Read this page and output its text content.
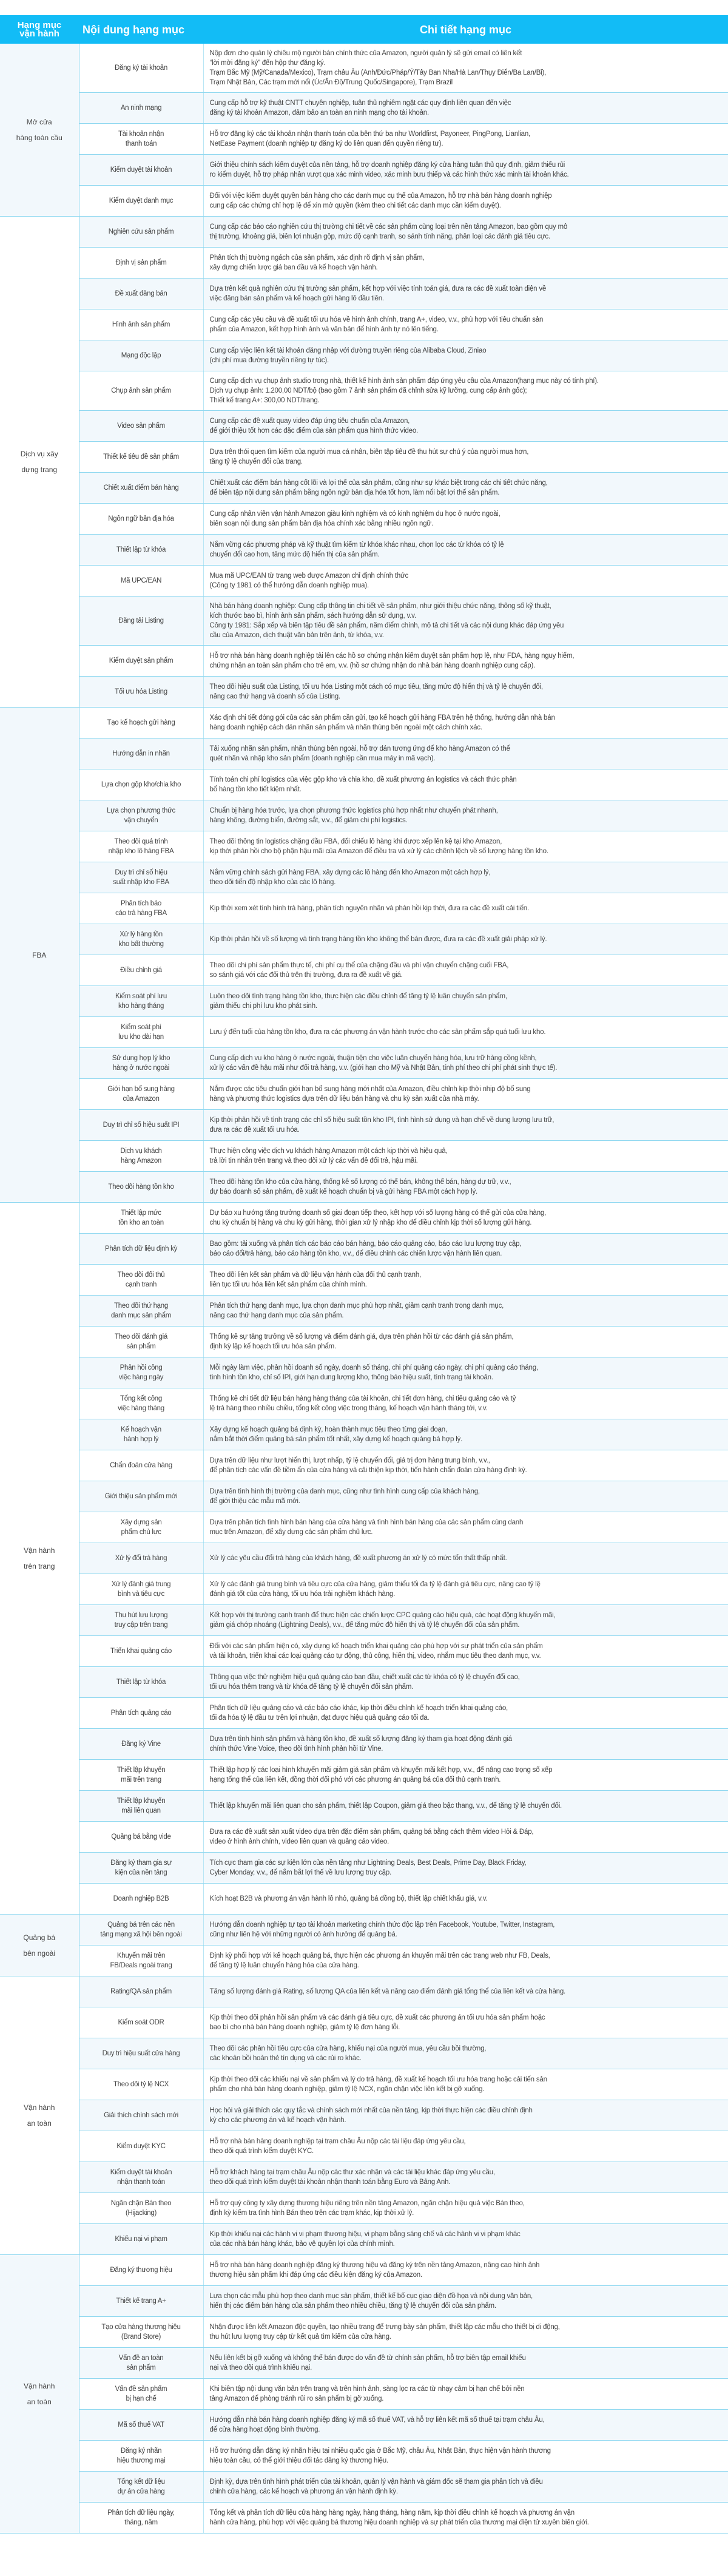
Hạng mục
vận hành	Nội dung hạng mục	Chi tiết hạng mục
Mở cửa
hàng toàn cầu	Đăng ký tài khoản	Nộp đơn cho quản lý chiêu mộ người bán chính thức của Amazon, người quản lý sẽ gửi email có liên kết
“lời mời đăng ký” đến hộp thư đăng ký.
Trạm Bắc Mỹ (Mỹ/Canada/Mexico), Trạm châu Âu (Anh/Đức/Pháp/Ý/Tây Ban Nha/Hà Lan/Thụy Điển/Ba Lan/Bỉ),
Trạm Nhật Bản, Các trạm mới nổi (Úc/Ấn Độ/Trung Quốc/Singapore), Trạm Brazil
	An ninh mạng	Cung cấp hỗ trợ kỹ thuật CNTT chuyên nghiệp, tuân thủ nghiêm ngặt các quy định liên quan đến việc
đăng ký tài khoản Amazon, đảm bảo an toàn an ninh mạng cho tài khoản.
	Tài khoản nhận
thanh toán	Hỗ trợ đăng ký các tài khoản nhận thanh toán của bên thứ ba như Worldfirst, Payoneer, PingPong, Lianlian,
NetEase Payment (doanh nghiệp tự đăng ký do liên quan đến quyền riêng tư).
	Kiểm duyệt tài khoản	Giới thiệu chính sách kiểm duyệt của nền tảng, hỗ trợ doanh nghiệp đăng ký cửa hàng tuân thủ quy định, giảm thiểu rủi
ro kiểm duyệt, hỗ trợ pháp nhân vượt qua xác minh video, xác minh bưu thiếp và các hình thức xác minh tài khoản khác.
	Kiểm duyệt danh mục	Đối với việc kiểm duyệt quyền bán hàng cho các danh mục cụ thể của Amazon, hỗ trợ nhà bán hàng doanh nghiệp
cung cấp các chứng chỉ hợp lệ để xin mở quyền (kèm theo chi tiết các danh mục cần kiểm duyệt).
Dịch vụ xây
dựng trang	Nghiên cứu sản phẩm	Cung cấp các báo cáo nghiên cứu thị trường chi tiết về các sản phẩm cùng loại trên nền tảng Amazon, bao gồm quy mô
thị trường, khoảng giá, biên lợi nhuận gộp, mức độ cạnh tranh, so sánh tính năng, phân loại các đánh giá tiêu cực.
	Định vị sản phẩm	Phân tích thị trường ngách của sản phẩm, xác định rõ định vị sản phẩm,
xây dựng chiến lược giá ban đầu và kế hoạch vận hành.
	Đề xuất đăng bán	Dựa trên kết quả nghiên cứu thị trường sản phẩm, kết hợp với việc tính toán giá, đưa ra các đề xuất toàn diện về
việc đăng bán sản phẩm và kế hoạch gửi hàng lô đầu tiên.
	Hình ảnh sản phẩm	Cung cấp các yêu cầu và đề xuất tối ưu hóa về hình ảnh chính, trang A+, video, v.v., phù hợp với tiêu chuẩn sản
phẩm của Amazon, kết hợp hình ảnh và văn bản để hình ảnh tự nó lên tiếng.
	Mạng độc lập	Cung cấp việc liên kết tài khoản đăng nhập với đường truyền riêng của Alibaba Cloud, Ziniao
(chi phí mua đường truyền riêng tự túc).
	Chụp ảnh sản phẩm	Cung cấp dịch vụ chụp ảnh studio trong nhà, thiết kế hình ảnh sản phẩm đáp ứng yêu cầu của Amazon(hạng mục này có tính phí).
Dịch vụ chụp ảnh: 1.200,00 NDT/bộ (bao gồm 7 ảnh sản phẩm đã chỉnh sửa kỹ lưỡng, cung cấp ảnh gốc);
Thiết kế trang A+: 300,00 NDT/trang.
	Video sản phẩm	Cung cấp các đề xuất quay video đáp ứng tiêu chuẩn của Amazon,
để giới thiệu tốt hơn các đặc điểm của sản phẩm qua hình thức video.
	Thiết kế tiêu đề sản phẩm	Dựa trên thói quen tìm kiếm của người mua cá nhân, biên tập tiêu đề thu hút sự chú ý của người mua hơn,
tăng tỷ lệ chuyển đổi của trang.
	Chiết xuất điểm bán hàng	Chiết xuất các điểm bán hàng cốt lõi và lợi thế của sản phẩm, cũng như sự khác biệt trong các chi tiết chức năng,
để biên tập nội dung sản phẩm bằng ngôn ngữ bản địa hóa tốt hơn, làm nổi bật lợi thế sản phẩm.
	Ngôn ngữ bản địa hóa	Cung cấp nhân viên vận hành Amazon giàu kinh nghiệm và có kinh nghiệm du học ở nước ngoài,
biên soạn nội dung sản phẩm bản địa hóa chính xác bằng nhiều ngôn ngữ.
	Thiết lập từ khóa	Nắm vững các phương pháp và kỹ thuật tìm kiếm từ khóa khác nhau, chọn lọc các từ khóa có tỷ lệ
chuyển đổi cao hơn, tăng mức độ hiển thị của sản phẩm.
	Mã UPC/EAN	Mua mã UPC/EAN từ trang web được Amazon chỉ định chính thức
(Công ty 1981 có thể hướng dẫn doanh nghiệp mua).
	Đăng tải Listing	Nhà bán hàng doanh nghiệp: Cung cấp thông tin chi tiết về sản phẩm, như giới thiệu chức năng, thông số kỹ thuật,
kích thước bao bì, hình ảnh sản phẩm, sách hướng dẫn sử dụng, v.v.
Công ty 1981: Sắp xếp và biên tập tiêu đề sản phẩm, năm điểm chính, mô tả chi tiết và các nội dung khác đáp ứng yêu
cầu của Amazon, dịch thuật văn bản trên ảnh, từ khóa, v.v.
	Kiểm duyệt sản phẩm	Hỗ trợ nhà bán hàng doanh nghiệp tải lên các hồ sơ chứng nhận kiểm duyệt sản phẩm hợp lệ, như FDA, hàng nguy hiểm,
chứng nhận an toàn sản phẩm cho trẻ em, v.v. (hồ sơ chứng nhận do nhà bán hàng doanh nghiệp cung cấp).
	Tối ưu hóa Listing	Theo dõi hiệu suất của Listing, tối ưu hóa Listing một cách có mục tiêu, tăng mức độ hiển thị và tỷ lệ chuyển đổi,
nâng cao thứ hạng và doanh số của Listing.
FBA	Tạo kế hoạch gửi hàng	Xác định chi tiết đóng gói của các sản phẩm cần gửi, tạo kế hoạch gửi hàng FBA trên hệ thống, hướng dẫn nhà bán
hàng doanh nghiệp cách dán nhãn sản phẩm và nhãn thùng bên ngoài một cách chính xác.
	Hướng dẫn in nhãn	Tải xuống nhãn sản phẩm, nhãn thùng bên ngoài, hỗ trợ dán tương ứng để kho hàng Amazon có thể
quét nhãn và nhập kho sản phẩm (doanh nghiệp cần mua máy in mã vạch).
	Lựa chọn gộp kho/chia kho	Tính toán chi phí logistics của việc gộp kho và chia kho, đề xuất phương án logistics và cách thức phân
bổ hàng tồn kho tiết kiệm nhất.
	Lựa chọn phương thức
vận chuyển	Chuẩn bị hàng hóa trước, lựa chọn phương thức logistics phù hợp nhất như chuyển phát nhanh,
hàng không, đường biển, đường sắt, v.v., để giảm chi phí logistics.
	Theo dõi quá trình
nhập kho lô hàng FBA	Theo dõi thông tin logistics chặng đầu FBA, đối chiếu lô hàng khi được xếp lên kệ tại kho Amazon,
kịp thời phản hồi cho bộ phận hậu mãi của Amazon để điều tra và xử lý các chênh lệch về số lượng hàng tồn kho.
	Duy trì chỉ số hiệu
suất nhập kho FBA	Nắm vững chính sách gửi hàng FBA, xây dựng các lô hàng đến kho Amazon một cách hợp lý,
theo dõi tiến độ nhập kho của các lô hàng.
	Phân tích báo
cáo trả hàng FBA	Kịp thời xem xét tình hình trả hàng, phân tích nguyên nhân và phản hồi kịp thời, đưa ra các đề xuất cải tiến.
	Xử lý hàng tồn
kho bất thường	Kịp thời phản hồi về số lượng và tình trạng hàng tồn kho không thể bán được, đưa ra các đề xuất giải pháp xử lý.
	Điều chỉnh giá	Theo dõi chi phí sản phẩm thực tế, chi phí cụ thể của chặng đầu và phí vận chuyển chặng cuối FBA,
so sánh giá với các đối thủ trên thị trường, đưa ra đề xuất về giá.
	Kiểm soát phí lưu
kho hàng tháng	Luôn theo dõi tình trạng hàng tồn kho, thực hiện các điều chỉnh để tăng tỷ lệ luân chuyển sản phẩm,
giảm thiểu chi phí lưu kho phát sinh.
	Kiểm soát phí
lưu kho dài hạn	Lưu ý đến tuổi của hàng tồn kho, đưa ra các phương án vận hành trước cho các sản phẩm sắp quá tuổi lưu kho.
	Sử dụng hợp lý kho
hàng ở nước ngoài	Cung cấp dịch vụ kho hàng ở nước ngoài, thuận tiện cho việc luân chuyển hàng hóa, lưu trữ hàng cồng kềnh,
xử lý các vấn đề hậu mãi như đổi trả hàng, v.v. (giới hạn cho Mỹ và Nhật Bản, tính phí theo chi phí phát sinh thực tế).
	Giới hạn bổ sung hàng
của Amazon	Nắm được các tiêu chuẩn giới hạn bổ sung hàng mới nhất của Amazon, điều chỉnh kịp thời nhịp độ bổ sung
hàng và phương thức logistics dựa trên dữ liệu bán hàng và chu kỳ sản xuất của nhà máy.
	Duy trì chỉ số hiệu suất IPI	Kịp thời phản hồi về tình trạng các chỉ số hiệu suất tồn kho IPI, tình hình sử dụng và hạn chế về dung lượng lưu trữ,
đưa ra các đề xuất tối ưu hóa.
	Dịch vụ khách
hàng Amazon	Thực hiện công việc dịch vụ khách hàng Amazon một cách kịp thời và hiệu quả,
trả lời tin nhắn trên trang và theo dõi xử lý các vấn đề đổi trả, hậu mãi.
	Theo dõi hàng tồn kho	Theo dõi hàng tồn kho của cửa hàng, thống kê số lượng có thể bán, không thể bán, hàng dự trữ, v.v.,
dự báo doanh số sản phẩm, đề xuất kế hoạch chuẩn bị và gửi hàng FBA một cách hợp lý.
Vận hành
trên trang	Thiết lập mức
tồn kho an toàn	Dự báo xu hướng tăng trưởng doanh số giai đoạn tiếp theo, kết hợp với số lượng hàng có thể gửi của cửa hàng,
chu kỳ chuẩn bị hàng và chu kỳ gửi hàng, thời gian xử lý nhập kho để điều chỉnh kịp thời số lượng gửi hàng.
	Phân tích dữ liệu định kỳ	Bao gồm: tải xuống và phân tích các báo cáo bán hàng, báo cáo quảng cáo, báo cáo lưu lượng truy cập,
báo cáo đổi/trả hàng, báo cáo hàng tồn kho, v.v., để điều chỉnh các chiến lược vận hành liên quan.
	Theo dõi đối thủ
cạnh tranh	Theo dõi liên kết sản phẩm và dữ liệu vận hành của đối thủ cạnh tranh,
liên tục tối ưu hóa liên kết sản phẩm của chính mình.
	Theo dõi thứ hạng
danh mục sản phẩm	Phân tích thứ hạng danh mục, lựa chọn danh mục phù hợp nhất, giảm cạnh tranh trong danh mục,
nâng cao thứ hạng danh mục của sản phẩm.
	Theo dõi đánh giá
sản phẩm	Thống kê sự tăng trưởng về số lượng và điểm đánh giá, dựa trên phản hồi từ các đánh giá sản phẩm,
định kỳ lập kế hoạch tối ưu hóa sản phẩm.
	Phản hồi công
việc hàng ngày	Mỗi ngày làm việc, phản hồi doanh số ngày, doanh số tháng, chi phí quảng cáo ngày, chi phí quảng cáo tháng,
tình hình tồn kho, chỉ số IPI, giới hạn dung lượng kho, thông báo hiệu suất, tình trạng tài khoản.
	Tổng kết công
việc hàng tháng	Thống kê chi tiết dữ liệu bán hàng hàng tháng của tài khoản, chi tiết đơn hàng, chi tiêu quảng cáo và tỷ
lệ trả hàng theo nhiều chiều, tổng kết công việc trong tháng, kế hoạch vận hành tháng tới, v.v.
	Kế hoạch vận
hành hợp lý	Xây dựng kế hoạch quảng bá định kỳ, hoàn thành mục tiêu theo từng giai đoạn,
nắm bắt thời điểm quảng bá sản phẩm tốt nhất, xây dựng kế hoạch quảng bá hợp lý.
	Chẩn đoán cửa hàng	Dựa trên dữ liệu như lượt hiển thị, lượt nhấp, tỷ lệ chuyển đổi, giá trị đơn hàng trung bình, v.v.,
để phân tích các vấn đề tiềm ẩn của cửa hàng và cải thiện kịp thời, tiến hành chẩn đoán cửa hàng định kỳ.
	Giới thiệu sản phẩm mới	Dựa trên tình hình thị trường của danh mục, cũng như tình hình cung cấp của khách hàng,
để giới thiệu các mẫu mã mới.
	Xây dựng sản
phẩm chủ lực	Dựa trên phân tích tình hình bán hàng của cửa hàng và tình hình bán hàng của các sản phẩm cùng danh
mục trên Amazon, để xây dựng các sản phẩm chủ lực.
	Xử lý đổi trả hàng	Xử lý các yêu cầu đổi trả hàng của khách hàng, đề xuất phương án xử lý có mức tổn thất thấp nhất.
	Xử lý đánh giá trung
bình và tiêu cực	Xử lý các đánh giá trung bình và tiêu cực của cửa hàng, giảm thiểu tối đa tỷ lệ đánh giá tiêu cực, nâng cao tỷ lệ
đánh giá tốt của cửa hàng, tối ưu hóa trải nghiệm khách hàng.
	Thu hút lưu lượng
truy cập trên trang	Kết hợp với thị trường cạnh tranh để thực hiện các chiến lược CPC quảng cáo hiệu quả, các hoạt động khuyến mãi,
giảm giá chớp nhoáng (Lightning Deals), v.v., để tăng mức độ hiển thị và tỷ lệ chuyển đổi của sản phẩm.
	Triển khai quảng cáo	Đối với các sản phẩm hiện có, xây dựng kế hoạch triển khai quảng cáo phù hợp với sự phát triển của sản phẩm
và tài khoản, triển khai các loại quảng cáo tự động, thủ công, hiển thị, video, nhắm mục tiêu theo danh mục, v.v.
	Thiết lập từ khóa	Thông qua việc thử nghiệm hiệu quả quảng cáo ban đầu, chiết xuất các từ khóa có tỷ lệ chuyển đổi cao,
tối ưu hóa thêm trang và từ khóa để tăng tỷ lệ chuyển đổi sản phẩm.
	Phân tích quảng cáo	Phân tích dữ liệu quảng cáo và các báo cáo khác, kịp thời điều chỉnh kế hoạch triển khai quảng cáo,
tối đa hóa tỷ lệ đầu tư trên lợi nhuận, đạt được hiệu quả quảng cáo tối đa.
	Đăng ký Vine	Dựa trên tình hình sản phẩm và hàng tồn kho, đề xuất số lượng đăng ký tham gia hoạt động đánh giá
chính thức Vine Voice, theo dõi tình hình phản hồi từ Vine.
	Thiết lập khuyến
mãi trên trang	Thiết lập hợp lý các loại hình khuyến mãi giảm giá sản phẩm và khuyến mãi kết hợp, v.v., để nâng cao trọng số xếp
hạng tổng thể của liên kết, đồng thời đối phó với các phương án quảng bá của đối thủ cạnh tranh.
	Thiết lập khuyến
mãi liên quan	Thiết lập khuyến mãi liên quan cho sản phẩm, thiết lập Coupon, giảm giá theo bậc thang, v.v., để tăng tỷ lệ chuyển đổi.
	Quảng bá bằng vide	Đưa ra các đề xuất sản xuất video dựa trên đặc điểm sản phẩm, quảng bá bằng cách thêm video Hỏi & Đáp,
video ở hình ảnh chính, video liên quan và quảng cáo video.
	Đăng ký tham gia sự
kiện của nền tảng	Tích cực tham gia các sự kiện lớn của nền tảng như Lightning Deals, Best Deals, Prime Day, Black Friday,
Cyber Monday, v.v., để nắm bắt lợi thế về lưu lượng truy cập.
	Doanh nghiệp B2B	Kích hoạt B2B và phương án vận hành lô nhỏ, quảng bá đồng bộ, thiết lập chiết khấu giá, v.v.
Quảng bá
bên ngoài	Quảng bá trên các nền
tảng mạng xã hội bên ngoài	Hướng dẫn doanh nghiệp tự tạo tài khoản marketing chính thức độc lập trên Facebook, Youtube, Twitter, Instagram,
cũng như liên hệ với những người có ảnh hưởng để quảng bá.
	Khuyến mãi trên
FB/Deals ngoài trang	Định kỳ phối hợp với kế hoạch quảng bá, thực hiện các phương án khuyến mãi trên các trang web như FB, Deals,
để tăng tỷ lệ luân chuyển hàng hóa của cửa hàng.
Vận hành
an toàn	Rating/QA sản phẩm	Tăng số lượng đánh giá Rating, số lượng QA của liên kết và nâng cao điểm đánh giá tổng thể của liên kết và cửa hàng.
	Kiểm soát ODR	Kịp thời theo dõi phản hồi sản phẩm và các đánh giá tiêu cực, đề xuất các phương án tối ưu hóa sản phẩm hoặc
bao bì cho nhà bán hàng doanh nghiệp, giảm tỷ lệ đơn hàng lỗi.
	Duy trì hiệu suất cửa hàng	Theo dõi các phản hồi tiêu cực của cửa hàng, khiếu nại của người mua, yêu cầu bồi thường,
các khoản bồi hoàn thẻ tín dụng và các rủi ro khác.
	Theo dõi tỷ lệ NCX	Kịp thời theo dõi các khiếu nại về sản phẩm và lý do trả hàng, đề xuất kế hoạch tối ưu hóa trang hoặc cải tiến sản
phẩm cho nhà bán hàng doanh nghiệp, giảm tỷ lệ NCX, ngăn chặn việc liên kết bị gỡ xuống.
	Giải thích chính sách mới	Học hỏi và giải thích các quy tắc và chính sách mới nhất của nền tảng, kịp thời thực hiện các điều chỉnh định
kỳ cho các phương án và kế hoạch vận hành.
	Kiểm duyệt KYC	Hỗ trợ nhà bán hàng doanh nghiệp tại trạm châu Âu nộp các tài liệu đáp ứng yêu cầu,
theo dõi quá trình kiểm duyệt KYC.
	Kiểm duyệt tài khoản
nhận thanh toán	Hỗ trợ khách hàng tại trạm châu Âu nộp các thư xác nhận và các tài liệu khác đáp ứng yêu cầu,
theo dõi quá trình kiểm duyệt tài khoản nhận thanh toán bằng Euro và Bảng Anh.
	Ngăn chặn Bán theo
(Hijacking)	Hỗ trợ quý công ty xây dựng thương hiệu riêng trên nền tảng Amazon, ngăn chặn hiệu quả việc Bán theo,
định kỳ kiểm tra tình hình Bán theo trên các trạm khác, kịp thời xử lý.
	Khiếu nại vi phạm	Kịp thời khiếu nại các hành vi vi phạm thương hiệu, vi phạm bằng sáng chế và các hành vi vi phạm khác
của các nhà bán hàng khác, bảo vệ quyền lợi của chính mình.
Vận hành
an toàn	Đăng ký thương hiệu	Hỗ trợ nhà bán hàng doanh nghiệp đăng ký thương hiệu và đăng ký trên nền tảng Amazon, nâng cao hình ảnh
thương hiệu sản phẩm khi đáp ứng các điều kiện đăng ký của Amazon.
	Thiết kế trang A+	Lựa chọn các mẫu phù hợp theo danh mục sản phẩm, thiết kế bố cục giao diện đồ họa và nội dung văn bản,
hiển thị các điểm bán hàng của sản phẩm theo nhiều chiều, tăng tỷ lệ chuyển đổi của sản phẩm.
	Tạo cửa hàng thương hiệu
(Brand Store)	Nhận được liên kết Amazon độc quyền, tạo nhiều trang để trưng bày sản phẩm, thiết lập các mẫu cho thiết bị di động,
thu hút lưu lượng truy cập từ kết quả tìm kiếm của cửa hàng.
	Vấn đề an toàn
sản phẩm	Nếu liên kết bị gỡ xuống và không thể bán được do vấn đề từ chính sản phẩm, hỗ trợ biên tập email khiếu
nại và theo dõi quá trình khiếu nại.
	Vấn đề sản phẩm
bị hạn chế	Khi biên tập nội dung văn bản trên trang và trên hình ảnh, sàng lọc ra các từ nhạy cảm bị hạn chế bởi nền
tảng Amazon để phòng tránh rủi ro sản phẩm bị gỡ xuống.
	Mã số thuế VAT	Hướng dẫn nhà bán hàng doanh nghiệp đăng ký mã số thuế VAT, và hỗ trợ liên kết mã số thuế tại trạm châu Âu,
để cửa hàng hoạt động bình thường.
	Đăng ký nhãn
hiệu thương mại	Hỗ trợ hướng dẫn đăng ký nhãn hiệu tại nhiều quốc gia ở Bắc Mỹ, châu Âu, Nhật Bản, thực hiện vận hành thương
hiệu toàn cầu, có thể giới thiệu đối tác đăng ký thương hiệu.
	Tổng kết dữ liệu
dự án cửa hàng	Định kỳ, dựa trên tình hình phát triển của tài khoản, quản lý vận hành và giám đốc sẽ tham gia phân tích và điều
chỉnh cửa hàng, các kế hoạch và phương án vận hành định kỳ.
	Phân tích dữ liệu ngày,
tháng, năm	Tổng kết và phân tích dữ liệu cửa hàng hàng ngày, hàng tháng, hàng năm, kịp thời điều chỉnh kế hoạch và phương án vận
hành cửa hàng, phù hợp với việc quảng bá thương hiệu doanh nghiệp và sự phát triển của thương mại điện tử xuyên biên giới.
